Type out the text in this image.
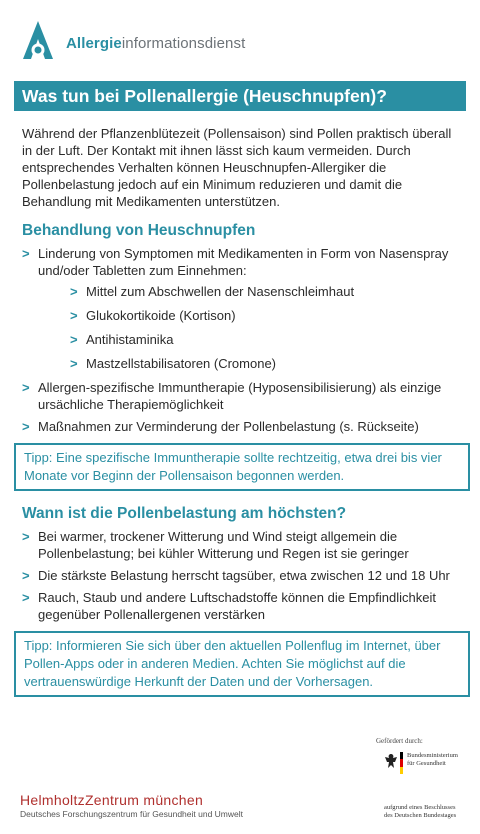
Allergieinformationsdienst
Was tun bei Pollenallergie (Heuschnupfen)?

Während der Pflanzenblütezeit (Pollensaison) sind Pollen praktisch überall in der Luft. Der Kontakt mit ihnen lässt sich kaum vermeiden. Durch entsprechendes Verhalten können Heuschnupfen-Allergiker die Pollenbelastung jedoch auf ein Minimum reduzieren und damit die Behandlung mit Medikamenten unterstützen.

Behandlung von Heuschnupfen
> Linderung von Symptomen mit Medikamenten in Form von Nasenspray und/oder Tabletten zum Einnehmen:
> Mittel zum Abschwellen der Nasenschleimhaut
> Glukokortikoide (Kortison)
> Antihistaminika
> Mastzellstabilisatoren (Cromone)
> Allergen-spezifische Immuntherapie (Hyposensibilisierung) als einzige ursächliche Therapiemöglichkeit
> Maßnahmen zur Verminderung der Pollenbelastung (s. Rückseite)
Tipp: Eine spezifische Immuntherapie sollte rechtzeitig, etwa drei bis vier Monate vor Beginn der Pollensaison begonnen werden.
Wann ist die Pollenbelastung am höchsten?
> Bei warmer, trockener Witterung und Wind steigt allgemein die Pollenbelastung; bei kühler Witterung und Regen ist sie geringer
> Die stärkste Belastung herrscht tagsüber, etwa zwischen 12 und 18 Uhr
> Rauch, Staub und andere Luftschadstoffe können die Empfindlichkeit gegenüber Pollenallergenen verstärken
Tipp: Informieren Sie sich über den aktuellen Pollenflug im Internet, über Pollen-Apps oder in anderen Medien. Achten Sie möglichst auf die vertrauenswürdige Herkunft der Daten und der Vorhersagen.
Gefördert durch:
Bundesministerium
für Gesundheit
aufgrund eines Beschlusses
des Deutschen Bundestages
HelmholtzZentrum münchen
Deutsches Forschungszentrum für Gesundheit und Umwelt
